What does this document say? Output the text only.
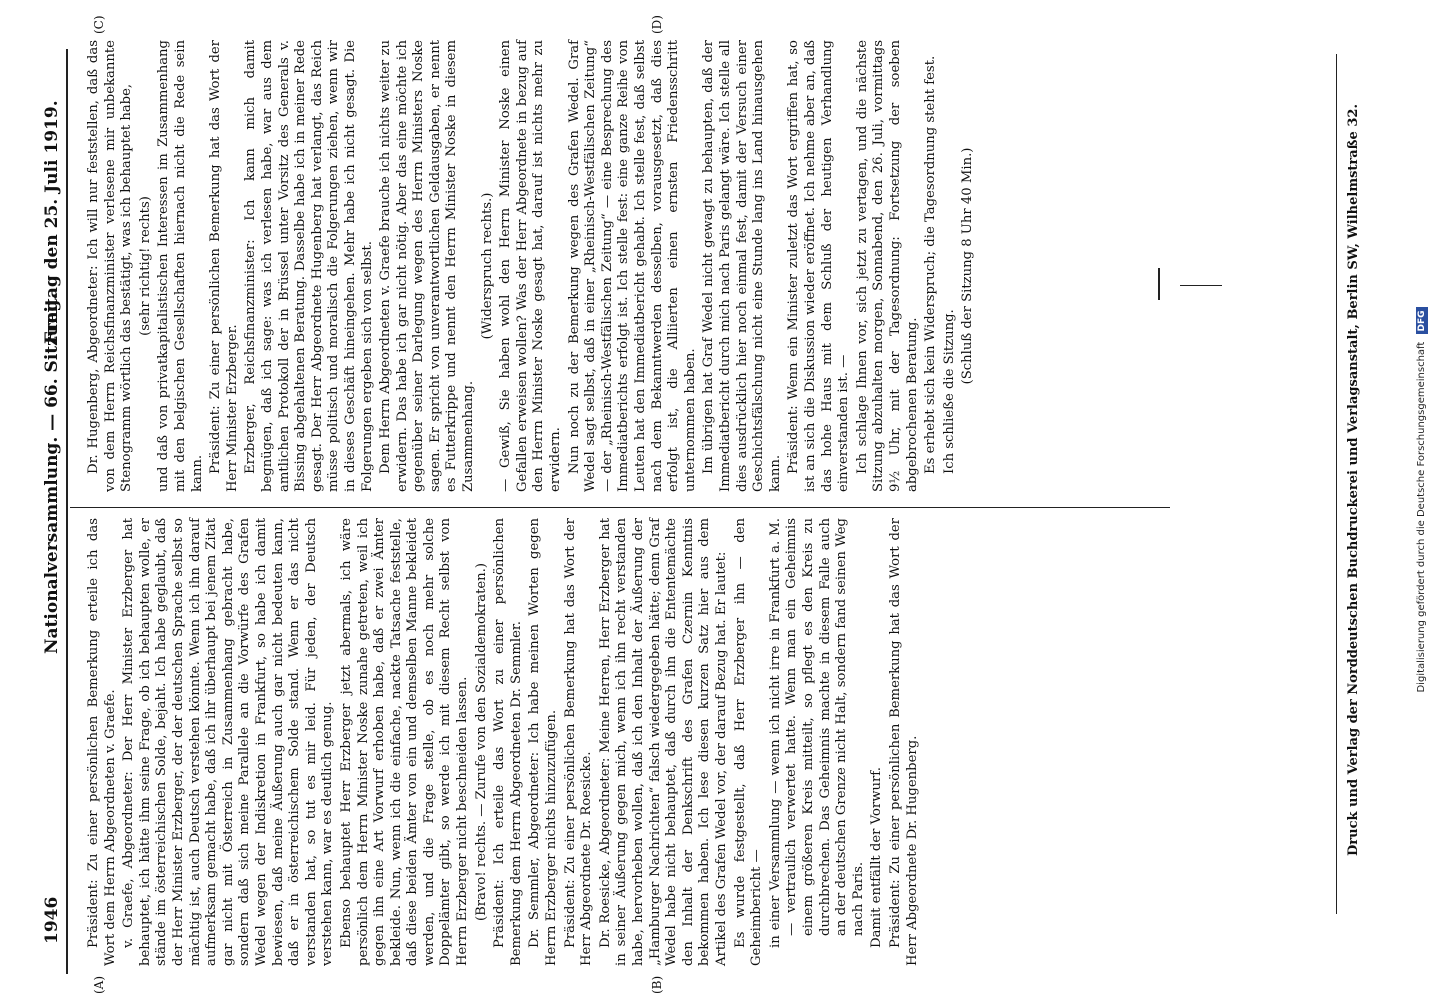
1946
Nationalversammlung. — 66. Sitzung.
Freitag den 25. Juli 1919.
(A)	(B)
(C)	(D)

Präsident: Zu einer persönlichen Bemerkung erteile ich das Wort dem Herrn Abgeordneten v. Graefe. v. Graefe, Abgeordneter: Der Herr Minister Erzberger hat behauptet, ich hätte ihm seine Frage, ob ich behaupten wolle, er stände im österreichischen Solde, bejaht. Ich habe geglaubt, daß der Herr Minister Erzberger, der der deutschen Sprache selbst so mächtig ist, auch Deutsch verstehen könnte. Wenn ich ihn darauf aufmerksam gemacht habe, daß ich ihr überhaupt bei jenem Zitat gar nicht mit Österreich in Zusammenhang gebracht habe, sondern daß sich meine Parallele an die Vorwürfe des Grafen Wedel wegen der Indiskretion in Frankfurt, so habe ich damit bewiesen, daß meine Äußerung auch gar nicht bedeuten kann, daß er in österreichischem Solde stand. Wenn er das nicht verstanden hat, so tut es mir leid. Für jeden, der Deutsch verstehen kann, war es deutlich genug. Ebenso behauptet Herr Erzberger jetzt abermals, ich wäre persönlich dem Herrn Minister Noske zunahe getreten, weil ich gegen ihn eine Art Vorwurf erhoben habe, daß er zwei Ämter bekleide. Nun, wenn ich die einfache, nackte Tatsache feststelle, daß diese beiden Ämter von ein und demselben Manne bekleidet werden, und die Frage stelle, ob es noch mehr solche Doppelämter gibt, so werde ich mit diesem Recht selbst von Herrn Erzberger nicht beschneiden lassen. (Bravo! rechts. — Zurufe von den Sozialdemokraten.) Präsident: Ich erteile das Wort zu einer persönlichen Bemerkung dem Herrn Abgeordneten Dr. Semmler. Dr. Semmler, Abgeordneter: Ich habe meinen Worten gegen Herrn Erzberger nichts hinzuzufügen. Präsident: Zu einer persönlichen Bemerkung hat das Wort der Herr Abgeordnete Dr. Roesicke. Dr. Roesicke, Abgeordneter: Meine Herren, Herr Erzberger hat in seiner Äußerung gegen mich, wenn ich ihn recht verstanden habe, hervorheben wollen, daß ich den Inhalt der Äußerung der „Hamburger Nachrichten“ falsch wiedergegeben hätte; denn Graf Wedel habe nicht behauptet, daß durch ihn die Ententemächte den Inhalt der Denkschrift des Grafen Czernin Kenntnis bekommen haben. Ich lese diesen kurzen Satz hier aus dem Artikel des Grafen Wedel vor, der darauf Bezug hat. Er lautet: Es wurde festgestellt, daß Herr Erzberger ihn — den Geheimbericht — in einer Versammlung — wenn ich nicht irre in Frankfurt a. M. — vertraulich verwertet hatte. Wenn man ein Geheimnis einem größeren Kreis mitteilt, so pflegt es den Kreis zu durchbrechen. Das Geheimnis machte in diesem Falle auch an der deutschen Grenze nicht Halt, sondern fand seinen Weg nach Paris. Damit entfällt der Vorwurf. Präsident: Zu einer persönlichen Bemerkung hat das Wort der Herr Abgeordnete Dr. Hugenberg.

Dr. Hugenberg, Abgeordneter: Ich will nur feststellen, daß das von dem Herrn Reichsfinanzminister verlesene mir unbekannte Stenogramm wörtlich das bestätigt, was ich behauptet habe, (sehr richtig! rechts) und daß von privatkapitalistischen Interessen im Zusammenhang mit den belgischen Gesellschaften hiernach nicht die Rede sein kann. Präsident: Zu einer persönlichen Bemerkung hat das Wort der Herr Minister Erzberger. Erzberger, Reichsfinanzminister: Ich kann mich damit begnügen, daß ich sage: was ich verlesen habe, war aus dem amtlichen Protokoll der in Brüssel unter Vorsitz des Generals v. Bissing abgehaltenen Beratung. Dasselbe habe ich in meiner Rede gesagt. Der Herr Abgeordnete Hugenberg hat verlangt, das Reich müsse politisch und moralisch die Folgerungen ziehen, wenn wir in dieses Geschäft hineingehen. Mehr habe ich nicht gesagt. Die Folgerungen ergeben sich von selbst. Dem Herrn Abgeordneten v. Graefe brauche ich nichts weiter zu erwidern. Das habe ich gar nicht nötig. Aber das eine möchte ich gegenüber seiner Darlegung wegen des Herrn Ministers Noske sagen. Er spricht von unverantwortlichen Geldausgaben, er nennt es Futterkrippe und nennt den Herrn Minister Noske in diesem Zusammenhang.

(Widerspruch rechts.) — Gewiß, Sie haben wohl den Herrn Minister Noske einen Gefallen erweisen wollen? Was der Herr Abgeordnete in bezug auf den Herrn Minister Noske gesagt hat, darauf ist nichts mehr zu erwidern. Nun noch zu der Bemerkung wegen des Grafen Wedel. Graf Wedel sagt selbst, daß in einer „Rheinisch-Westfälischen Zeitung“ — der „Rheinisch-Westfälischen Zeitung“ — eine Besprechung des Immediatberichts erfolgt ist. Ich stelle fest: eine ganze Reihe von Leuten hat den Immediatbericht gehabt. Ich stelle fest, daß selbst nach dem Bekanntwerden desselben, vorausgesetzt, daß dies erfolgt ist, die Alliierten einen ernsten Friedensschritt unternommen haben. Im übrigen hat Graf Wedel nicht gewagt zu behaupten, daß der Immediatbericht durch mich nach Paris gelangt wäre. Ich stelle all dies ausdrücklich hier noch einmal fest, damit der Versuch einer Geschichtsfälschung nicht eine Stunde lang ins Land hinausgehen kann. Präsident: Wenn ein Minister zuletzt das Wort ergriffen hat, so ist an sich die Diskussion wieder eröffnet. Ich nehme aber an, daß das hohe Haus mit dem Schluß der heutigen Verhandlung einverstanden ist. — Ich schlage Ihnen vor, sich jetzt zu vertagen, und die nächste Sitzung abzuhalten morgen, Sonnabend, den 26. Juli, vormittags 9½ Uhr, mit der Tagesordnung: Fortsetzung der soeben abgebrochenen Beratung. Es erhebt sich kein Widerspruch; die Tagesordnung steht fest. Ich schließe die Sitzung.

(Schluß der Sitzung 8 Uhr 40 Min.)	Druck und Verlag der Norddeutschen Buchdruckerei und Verlagsanstalt, Berlin SW, Wilhelmstraße 32.	Digitalisierung gefördert durch die Deutsche Forschungsgemeinschaft DFG
